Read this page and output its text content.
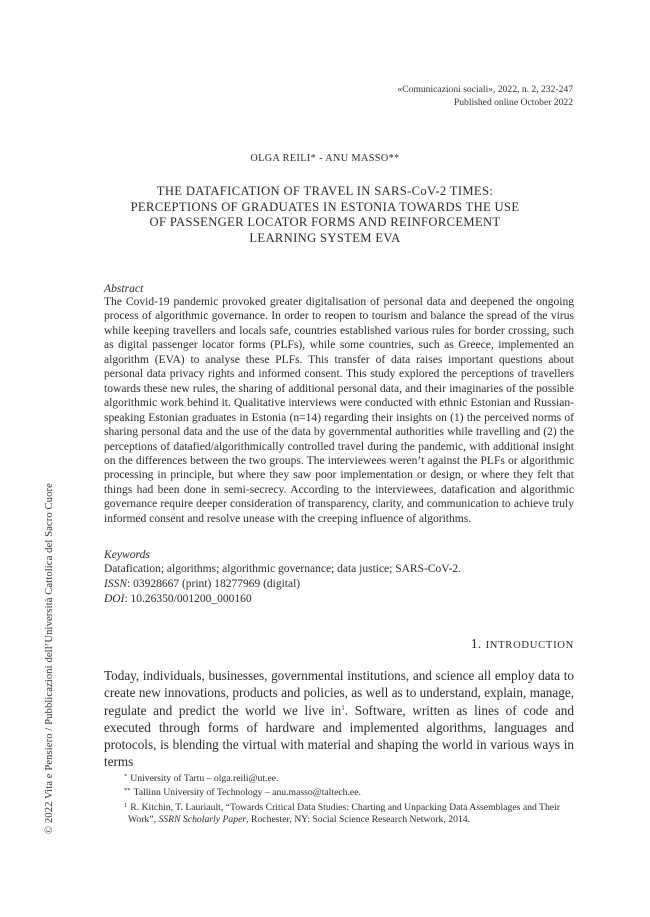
«Comunicazioni sociali», 2022, n. 2, 232-247
Published online October 2022
OLGA REILI* - ANU MASSO**
THE DATAFICATION OF TRAVEL IN SARS-CoV-2 TIMES:
PERCEPTIONS OF GRADUATES IN ESTONIA TOWARDS THE USE
OF PASSENGER LOCATOR FORMS AND REINFORCEMENT
LEARNING SYSTEM EVA
Abstract

The Covid-19 pandemic provoked greater digitalisation of personal data and deepened the ongoing process of algorithmic governance. In order to reopen to tourism and balance the spread of the virus while keeping travellers and locals safe, countries established various rules for border crossing, such as digital passenger locator forms (PLFs), while some countries, such as Greece, implemented an algorithm (EVA) to analyse these PLFs. This transfer of data raises important questions about personal data privacy rights and informed consent. This study explored the perceptions of travellers towards these new rules, the sharing of additional personal data, and their imaginaries of the possible algorithmic work behind it. Qualitative interviews were conducted with ethnic Estonian and Russian-speaking Estonian graduates in Estonia (n=14) regarding their insights on (1) the perceived norms of sharing personal data and the use of the data by governmental authorities while travelling and (2) the perceptions of datafied/algorithmically controlled travel during the pandemic, with additional insight on the differences between the two groups. The interviewees weren’t against the PLFs or algorithmic processing in principle, but where they saw poor implementation or design, or where they felt that things had been done in semi-secrecy. According to the interviewees, datafication and algorithmic governance require deeper consideration of transparency, clarity, and communication to achieve truly informed consent and resolve unease with the creeping influence of algorithms.

Keywords
Datafication; algorithms; algorithmic governance; data justice; SARS-CoV-2.
ISSN: 03928667 (print) 18277969 (digital)
DOI: 10.26350/001200_000160
1. INTRODUCTION

Today, individuals, businesses, governmental institutions, and science all employ data to create new innovations, products and policies, as well as to understand, explain, manage, regulate and predict the world we live $in^1$. Software, written as lines of code and executed through forms of hardware and implemented algorithms, languages and protocols, is blending the virtual with material and shaping the world in various ways in terms

* University of Tartu – olga.reili@ut.ee.

** Tallinn University of Technology – anu.masso@taltech.ee.

$^1$ R. Kitchin, T. Lauriault, “Towards Critical Data Studies: Charting and Unpacking Data Assemblages and Their Work”, SSRN Scholarly Paper, Rochester, NY: Social Science Research Network, 2014.

© 2022 Vita e Pensiero / Pubblicazioni dell’Università Cattolica del Sacro Cuore
